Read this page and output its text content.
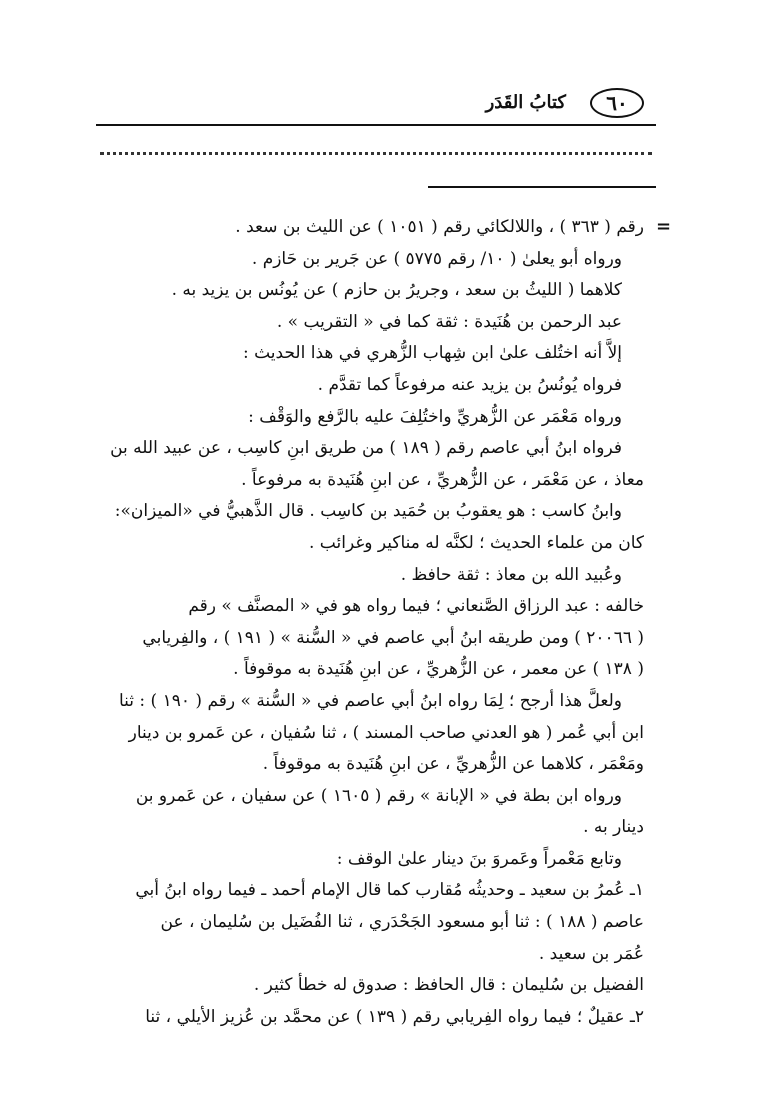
٦٠
كتابُ القَدَر
=
رقم ( ٣٦٣ ) ، واللالكائي رقم ( ١٠٥١ ) عن الليث بن سعد .
ورواه أبو يعلىٰ ( ١٠/ رقم ٥٧٧٥ ) عن جَرير بن حَازم .
كلاهما ( الليثُ بن سعد ، وجريرُ بن حازم ) عن يُونُس بن يزيد به .
عبد الرحمن بن هُنَيدة : ثقة كما في « التقريب » .
إلاَّ أنه اختُلف علىٰ ابن شِهاب الزُّهري في هذا الحديث :
فرواه يُونُسُ بن يزيد عنه مرفوعاً كما تقدَّم .
ورواه مَعْمَر عن الزُّهريِّ واختُلِفَ عليه بالرَّفع والوَقْف :
فرواه ابنُ أبي عاصم رقم ( ١٨٩ ) من طريق ابنِ كاسِب ، عن عبيد الله بن
معاذ ، عن مَعْمَر ، عن الزُّهريِّ ، عن ابنِ هُنَيدة به مرفوعاً .
وابنُ كاسب : هو يعقوبُ بن حُمَيد بن كاسِب . قال الذَّهبيُّ في «الميزان»:
كان من علماء الحديث ؛ لكنَّه له مناكير وغرائب .
وعُبيد الله بن معاذ : ثقة حافظ .
خالفه : عبد الرزاق الصَّنعاني ؛ فيما رواه هو في « المصنَّف » رقم
( ٢٠٠٦٦ ) ومن طريقه ابنُ أبي عاصم في « السُّنة » ( ١٩١ ) ، والفِريابي
( ١٣٨ ) عن معمر ، عن الزُّهريِّ ، عن ابنِ هُنَيدة به موقوفاً .
ولعلَّ هذا أرجح ؛ لِمَا رواه ابنُ أبي عاصم في « السُّنة » رقم ( ١٩٠ ) : ثنا
ابن أبي عُمر ( هو العدني صاحب المسند ) ، ثنا سُفيان ، عن عَمرو بن دينار
ومَعْمَر ، كلاهما عن الزُّهريِّ ، عن ابنِ هُنَيدة به موقوفاً .
ورواه ابن بطة في « الإبانة » رقم ( ١٦٠٥ ) عن سفيان ، عن عَمرو بن
دينار به .
وتابع مَعْمراً وعَمروَ بنَ دينار علىٰ الوقف :
١ـ عُمرُ بن سعيد ـ وحديثُه مُقارب كما قال الإمام أحمد ـ فيما رواه ابنُ أبي
عاصم ( ١٨٨ ) : ثنا أبو مسعود الجَحْدَري ، ثنا الفُضَيل بن سُليمان ، عن
عُمَر بن سعيد .
الفضيل بن سُليمان : قال الحافظ : صدوق له خطأ كثير .
٢ـ عقيلٌ ؛ فيما رواه الفِريابي رقم ( ١٣٩ ) عن محمَّد بن عُزيز الأيلي ، ثنا
